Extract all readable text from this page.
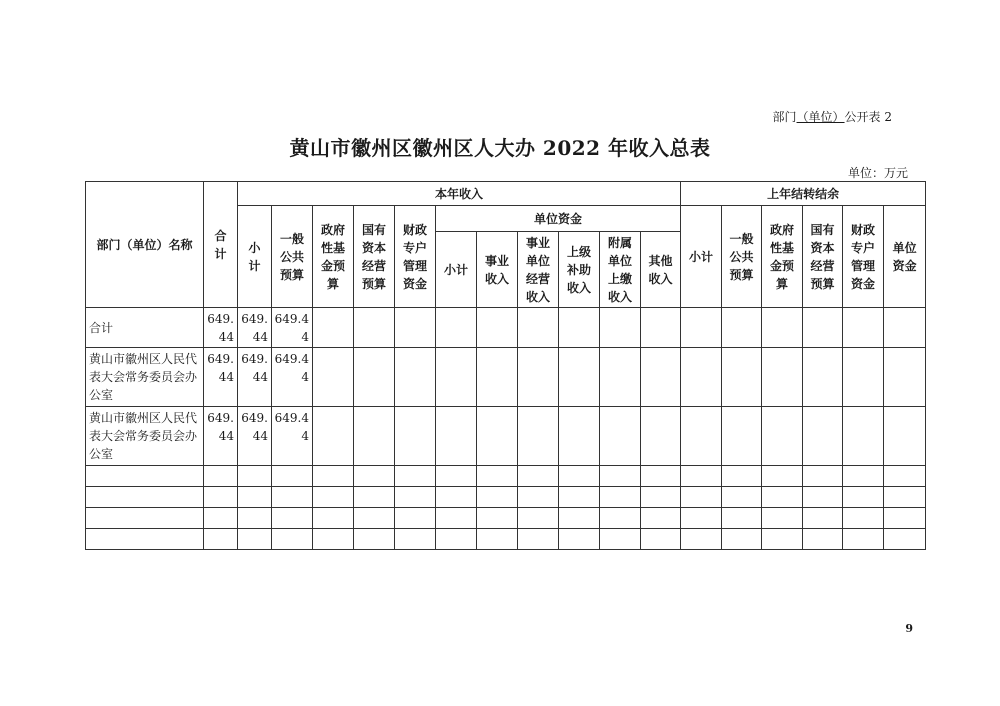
部门（单位）公开表 2
黄山市徽州区徽州区人大办 2022 年收入总表
单位：万元
部门（单位）名称	合计	本年收入											上年结转结余					
		小计	一般公共预算	政府性基金预算	国有资本经营预算	财政专户管理资金	单位资金						小计	一般公共预算	政府性基金预算	国有资本经营预算	财政专户管理资金	单位资金
							小计	事业收入	事业单位经营收入	上级补助收入	附属单位上缴收入	其他收入						
合计	649.44	649.44	649.44															
黄山市徽州区人民代表大会常务委员会办公室	649.44	649.44	649.44															
黄山市徽州区人民代表大会常务委员会办公室	649.44	649.44	649.44															

9
